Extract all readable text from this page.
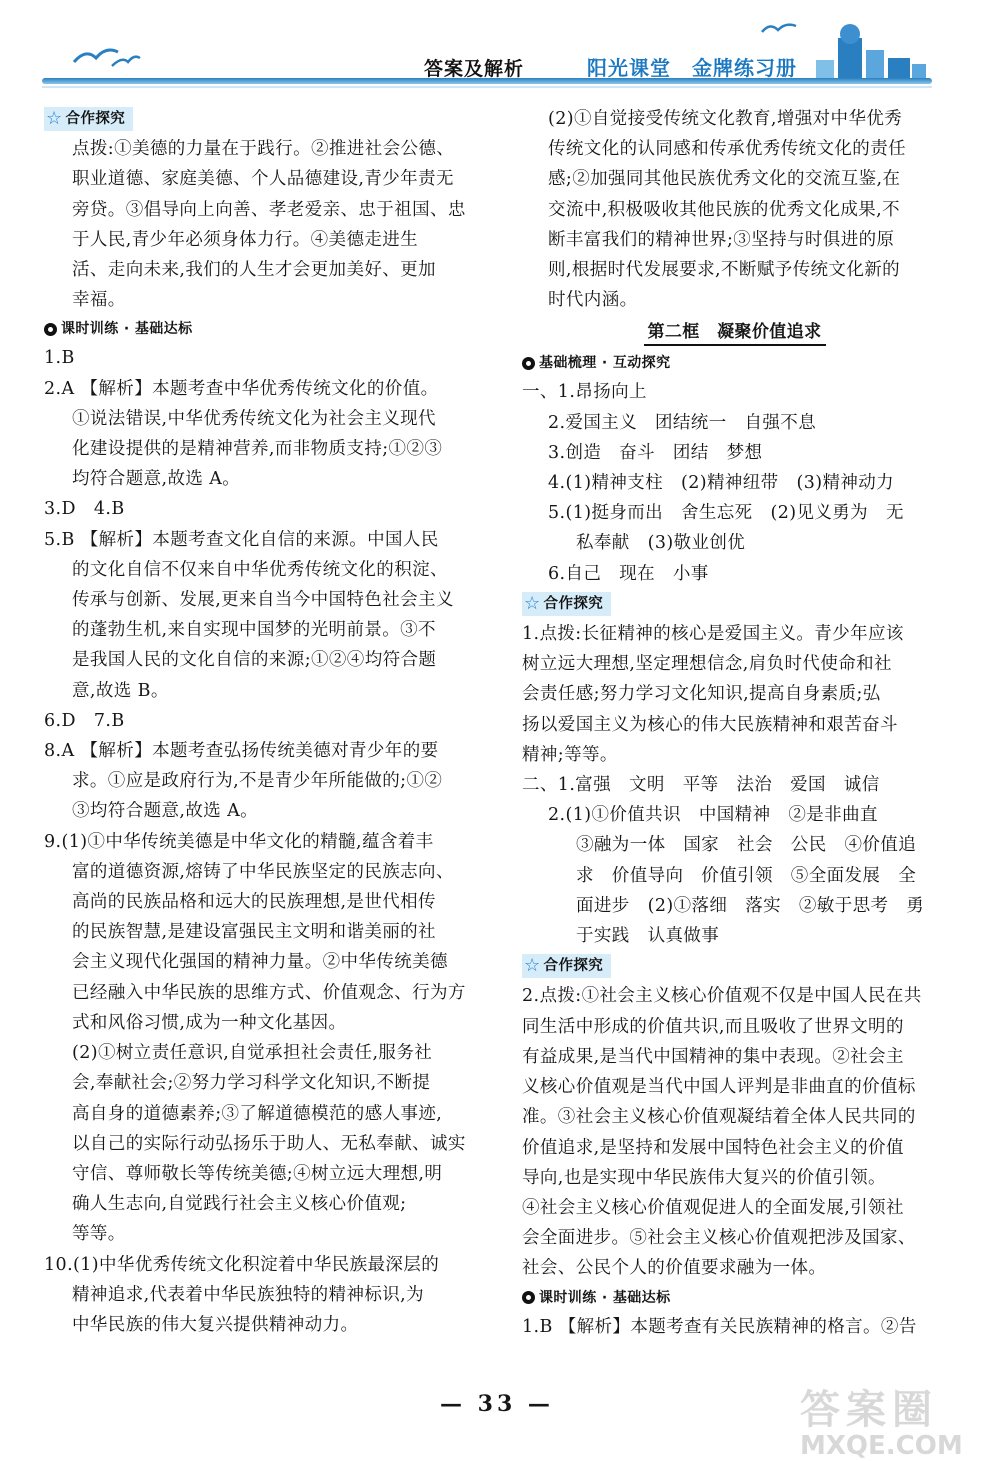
答案及解析	阳光课堂　金牌练习册
☆ 合作探究

点拨:①美德的力量在于践行。②推进社会公德、

职业道德、家庭美德、个人品德建设,青少年责无

旁贷。③倡导向上向善、孝老爱亲、忠于祖国、忠

于人民,青少年必须身体力行。④美德走进生

活、走向未来,我们的人生才会更加美好、更加

幸福。

课时训练 · 基础达标

1.B

2.A 【解析】本题考查中华优秀传统文化的价值。

①说法错误,中华优秀传统文化为社会主义现代

化建设提供的是精神营养,而非物质支持;①②③

均符合题意,故选 A。

3.D　4.B

5.B 【解析】本题考查文化自信的来源。中国人民

的文化自信不仅来自中华优秀传统文化的积淀、

传承与创新、发展,更来自当今中国特色社会主义

的蓬勃生机,来自实现中国梦的光明前景。③不

是我国人民的文化自信的来源;①②④均符合题

意,故选 B。

6.D　7.B

8.A 【解析】本题考查弘扬传统美德对青少年的要

求。①应是政府行为,不是青少年所能做的;①②

③均符合题意,故选 A。

9.(1)①中华传统美德是中华文化的精髓,蕴含着丰

富的道德资源,熔铸了中华民族坚定的民族志向、

高尚的民族品格和远大的民族理想,是世代相传

的民族智慧,是建设富强民主文明和谐美丽的社

会主义现代化强国的精神力量。②中华传统美德

已经融入中华民族的思维方式、价值观念、行为方

式和风俗习惯,成为一种文化基因。

(2)①树立责任意识,自觉承担社会责任,服务社

会,奉献社会;②努力学习科学文化知识,不断提

高自身的道德素养;③了解道德模范的感人事迹,

以自己的实际行动弘扬乐于助人、无私奉献、诚实

守信、尊师敬长等传统美德;④树立远大理想,明

确人生志向,自觉践行社会主义核心价值观;

等等。

10.(1)中华优秀传统文化积淀着中华民族最深层的

精神追求,代表着中华民族独特的精神标识,为

中华民族的伟大复兴提供精神动力。

(2)①自觉接受传统文化教育,增强对中华优秀

传统文化的认同感和传承优秀传统文化的责任

感;②加强同其他民族优秀文化的交流互鉴,在

交流中,积极吸收其他民族的优秀文化成果,不

断丰富我们的精神世界;③坚持与时俱进的原

则,根据时代发展要求,不断赋予传统文化新的

时代内涵。

第二框　凝聚价值追求
基础梳理 · 互动探究

一、1.昂扬向上

2.爱国主义　团结统一　自强不息

3.创造　奋斗　团结　梦想

4.(1)精神支柱　(2)精神纽带　(3)精神动力

5.(1)挺身而出　舍生忘死　(2)见义勇为　无

私奉献　(3)敬业创优

6.自己　现在　小事

☆ 合作探究

1.点拨:长征精神的核心是爱国主义。青少年应该

树立远大理想,坚定理想信念,肩负时代使命和社

会责任感;努力学习文化知识,提高自身素质;弘

扬以爱国主义为核心的伟大民族精神和艰苦奋斗

精神;等等。

二、1.富强　文明　平等　法治　爱国　诚信

2.(1)①价值共识　中国精神　②是非曲直

③融为一体　国家　社会　公民　④价值追

求　价值导向　价值引领　⑤全面发展　全

面进步　(2)①落细　落实　②敏于思考　勇

于实践　认真做事

☆ 合作探究

2.点拨:①社会主义核心价值观不仅是中国人民在共

同生活中形成的价值共识,而且吸收了世界文明的

有益成果,是当代中国精神的集中表现。②社会主

义核心价值观是当代中国人评判是非曲直的价值标

准。③社会主义核心价值观凝结着全体人民共同的

价值追求,是坚持和发展中国特色社会主义的价值

导向,也是实现中华民族伟大复兴的价值引领。

④社会主义核心价值观促进人的全面发展,引领社

会全面进步。⑤社会主义核心价值观把涉及国家、

社会、公民个人的价值要求融为一体。

课时训练 · 基础达标

1.B 【解析】本题考查有关民族精神的格言。②告

— 33 —	答案圈
MXQE.COM
